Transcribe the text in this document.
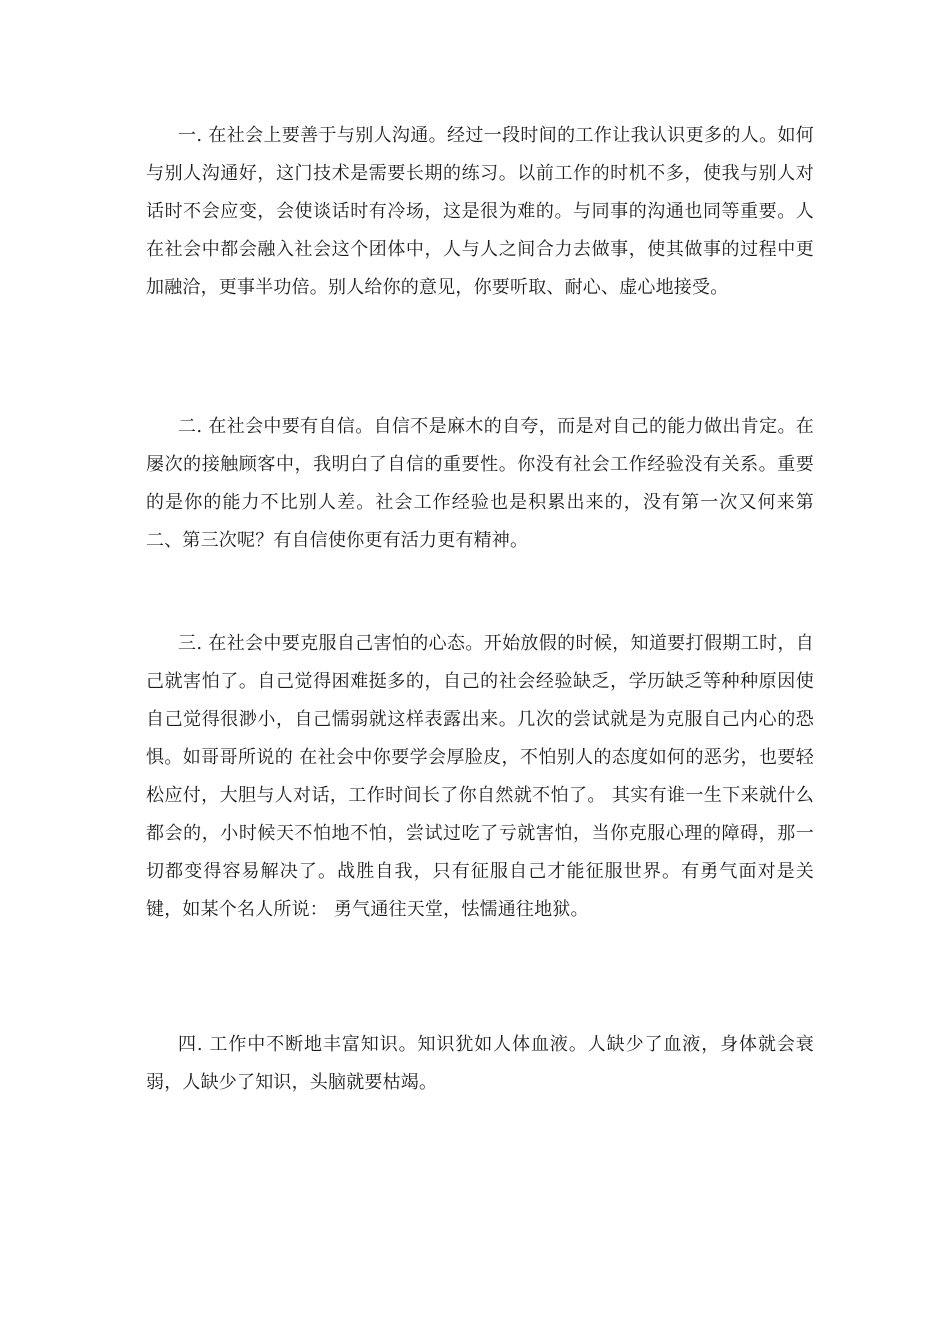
一. 在社会上要善于与别人沟通。经过一段时间的工作让我认识更多的人。如何与别人沟通好，这门技术是需要长期的练习。以前工作的时机不多，使我与别人对话时不会应变，会使谈话时有冷场，这是很为难的。与同事的沟通也同等重要。人在社会中都会融入社会这个团体中，人与人之间合力去做事，使其做事的过程中更加融洽，更事半功倍。别人给你的意见，你要听取、耐心、虚心地接受。

二. 在社会中要有自信。自信不是麻木的自夸，而是对自己的能力做出肯定。在屡次的接触顾客中，我明白了自信的重要性。你没有社会工作经验没有关系。重要的是你的能力不比别人差。社会工作经验也是积累出来的，没有第一次又何来第二、第三次呢？有自信使你更有活力更有精神。

三. 在社会中要克服自己害怕的心态。开始放假的时候，知道要打假期工时，自己就害怕了。自己觉得困难挺多的，自己的社会经验缺乏，学历缺乏等种种原因使自己觉得很渺小，自己懦弱就这样表露出来。几次的尝试就是为克服自己内心的恐惧。如哥哥所说的 在社会中你要学会厚脸皮，不怕别人的态度如何的恶劣，也要轻松应付，大胆与人对话，工作时间长了你自然就不怕了。 其实有谁一生下来就什么都会的，小时候天不怕地不怕，尝试过吃了亏就害怕，当你克服心理的障碍，那一切都变得容易解决了。战胜自我，只有征服自己才能征服世界。有勇气面对是关键，如某个名人所说： 勇气通往天堂，怯懦通往地狱。

四. 工作中不断地丰富知识。知识犹如人体血液。人缺少了血液，身体就会衰弱，人缺少了知识，头脑就要枯竭。
